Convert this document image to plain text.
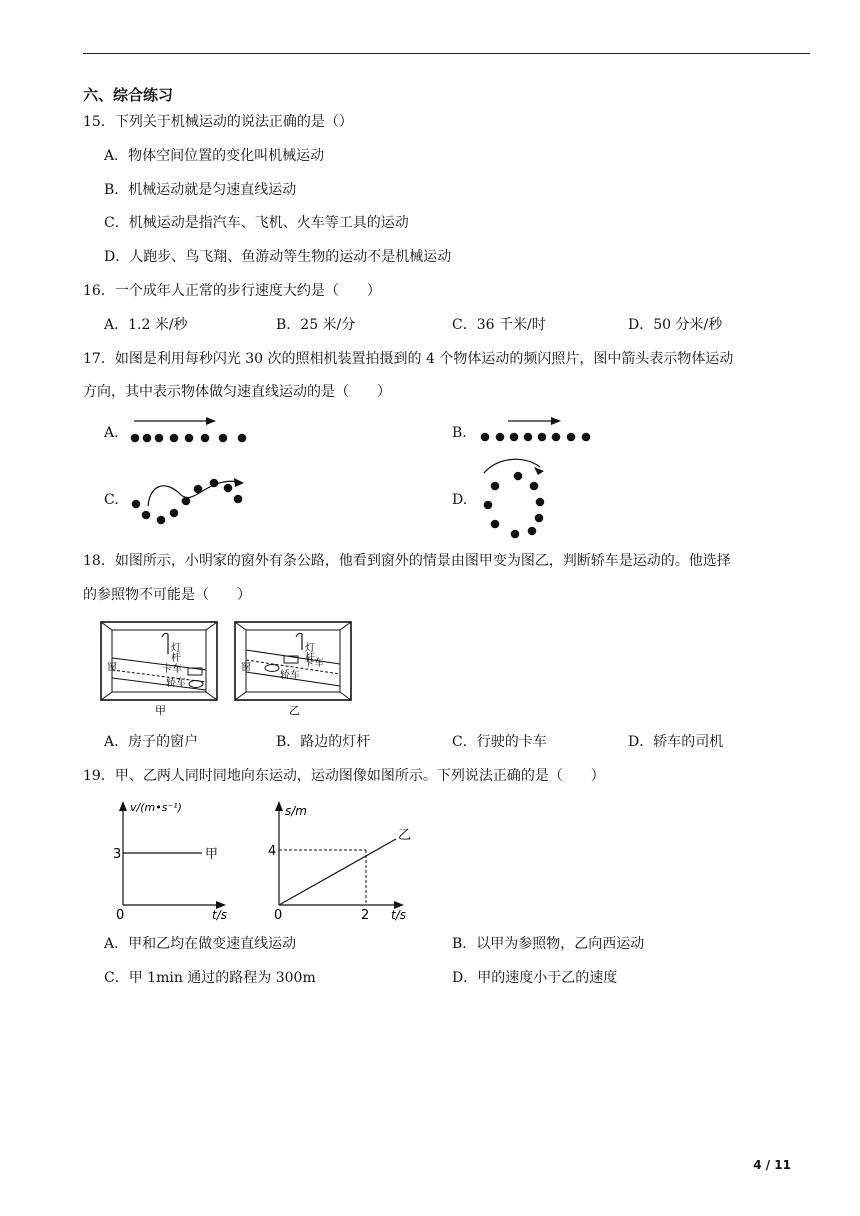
六、综合练习
15．下列关于机械运动的说法正确的是（）
A．物体空间位置的变化叫机械运动
B．机械运动就是匀速直线运动
C．机械运动是指汽车、飞机、火车等工具的运动
D．人跑步、鸟飞翔、鱼游动等生物的运动不是机械运动
16．一个成年人正常的步行速度大约是（　　）
A．1.2 米/秒	B．25 米/分	C．36 千米/时	D．50 分米/秒
17．如图是利用每秒闪光 30 次的照相机装置拍摄到的 4 个物体运动的频闪照片，图中箭头表示物体运动
方向，其中表示物体做匀速直线运动的是（　　）
A.	B.
C.	D.
18．如图所示，小明家的窗外有条公路，他看到窗外的情景由图甲变为图乙，判断轿车是运动的。他选择
的参照物不可能是（　　）
窗
灯杆
卡车
轿车
甲
窗
灯杆
卡车
轿车
乙
A．房子的窗户	B．路边的灯杆	C．行驶的卡车	D．轿车的司机
19．甲、乙两人同时同地向东运动，运动图像如图所示。下列说法正确的是（　　）
v/(m•s⁻¹)
3	甲
0	t/s
s/m
4
乙
0	2 t/s
A．甲和乙均在做变速直线运动	B．以甲为参照物，乙向西运动
C．甲 1min 通过的路程为 300m	D．甲的速度小于乙的速度
4 / 11
